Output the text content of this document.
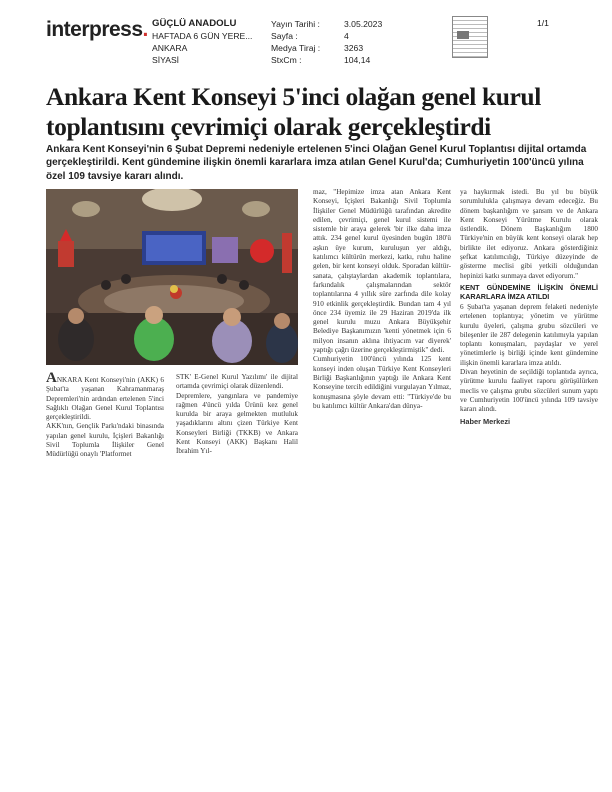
interpress. GÜÇLÜ ANADOLU
HAFTADA 6 GÜN YERE...
ANKARA
SİYASİ
Yayın Tarihi :
Sayfa :
Medya Tiraj :
StxCm :
3.05.2023
4
3263
104,14
1/1
Ankara Kent Konseyi 5'inci olağan genel kurul toplantısını çevrimiçi olarak gerçekleştirdi
Ankara Kent Konseyi'nin 6 Şubat Depremi nedeniyle ertelenen 5'inci Olağan Genel Kurul Toplantısı dijital ortamda gerçekleştirildi. Kent gündemine ilişkin önemli kararlara imza atılan Genel Kurul'da; Cumhuriyetin 100'üncü yılına özel 109 tavsiye kararı alındı.

ANKARA Kent Konseyi'nin (AKK) 6 Şubat'ta yaşanan Kahramanmaraş Depremleri'nin ardından ertelenen 5'inci Sağlıklı Olağan Genel Kurul Toplantısı gerçekleştirildi.

AKK'nın, Gençlik Parkı'ndaki binasında yapılan genel kurulu, İçişleri Bakanlığı Sivil Toplumla İlişkiler Genel Müdürlüğü onaylı 'Platformet

STK' E-Genel Kurul Yazılımı' ile dijital ortamda çevrimiçi olarak düzenlendi.

Depremlere, yangınlara ve pandemiye rağmen 4'üncü yılda Ürünü kez genel kurulda bir araya gelmekten mutluluk yaşadıklarını altını çizen Türkiye Kent Konseyleri Birliği (TKKB) ve Ankara Kent Konseyi (AKK) Başkanı Halil İbrahim Yıl-

maz, "Hepimize imza atan Ankara Kent Konseyi, İçişleri Bakanlığı Sivil Toplumla İlişkiler Genel Müdürlüğü tarafından akredite edilen, çevrimiçi, genel kurul sistemi ile sistemle bir araya gelerek 'bir ilke daha imza attık. 234 genel kurul üyesinden bugün 180'ü aşkın üye kurum, kuruluşun yer aldığı, katılımcı kültürün merkezi, katkı, ruhu haline gelen, bir kent konseyi olduk. Sporadan kültür-sanata, çalıştaylardan akademik toplantılara, farkındalık çalışmalarından sektör toplantılarına 4 yıllık süre zarfında dile kolay 910 etkinlik gerçekleştirdik. Bundan tam 4 yıl önce 234 üyemiz ile 29 Haziran 2019'da ilk genel kurulu muzu Ankara Büyükşehir Belediye Başkanımızın 'kenti yönetmek için 6 milyon insanın aklına ihtiyacım var diyerek' yaptığı çağrı üzerine gerçekleştirmiştik" dedi.

Cumhuriyetin 100'üncü yılında 125 kent konseyi inden oluşan Türkiye Kent Konseyleri Birliği Başkanlığının yaptığı ile Ankara Kent Konseyine tercih edildiğini vurgulayan Yılmaz, konuşmasına şöyle devam etti: "Türkiye'de bu bu katılımcı kültür Ankara'dan dünya-

ya haykırmak istedi. Bu yıl bu büyük sorumlulukla çalışmaya devam edeceğiz. Bu dönem başkanlığım ve şansım ve de Ankara Kent Konseyi Yürütme Kurulu olarak üstlendik. Dönem Başkanlığım 1800 Türkiye'nin en büyük kent konseyi olarak hep birlikte ilet ediyoruz. Ankara gösterdiğiniz şefkat katılımcılığı, Türkiye düzeyinde de gösterme meclisi gibi yetkili olduğundan hepinizi katkı sunmaya davet ediyorum."

KENT GÜNDEMİNE İLİŞKİN ÖNEMLİ KARARLARA İMZA ATILDI

6 Şubat'ta yaşanan deprem felaketi nedeniyle ertelenen toplantıya; yönetim ve yürütme kurulu üyeleri, çalışma grubu sözcüleri ve bileşenler ile 287 delegenin katılımıyla yapılan toplantı konuşmaları, paydaşlar ve yerel yönetimlerle iş birliği içinde kent gündemine ilişkin önemli kararlara imza atıldı.

Divan heyetinin de seçildiği toplantıda ayrıca, yürütme kurulu faaliyet raporu görüşülürken meclis ve çalışma grubu sözcüleri sunum yaptı ve Cumhuriyetin 100'üncü yılında 109 tavsiye kararı alındı.

Haber Merkezi
